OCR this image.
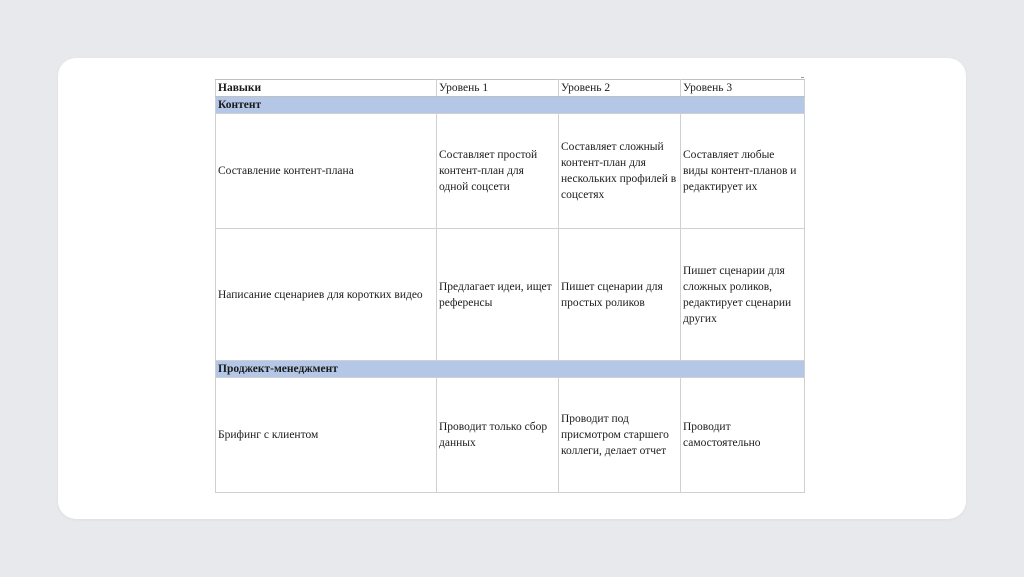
Навыки	Уровень 1	Уровень 2	Уровень 3
Контент			
Составление контент-плана	Составляет простой контент-план для одной соцсети	Составляет сложный контент-план для нескольких профилей в соцсетях	Составляет любые виды контент-планов и редактирует их
Написание сценариев для коротких видео	Предлагает идеи, ищет референсы	Пишет сценарии для простых роликов	Пишет сценарии для сложных роликов, редактирует сценарии других
Проджект-менеджмент			
Брифинг с клиентом	Проводит только сбор данных	Проводит под присмотром старшего коллеги, делает отчет	Проводит самостоятельно
